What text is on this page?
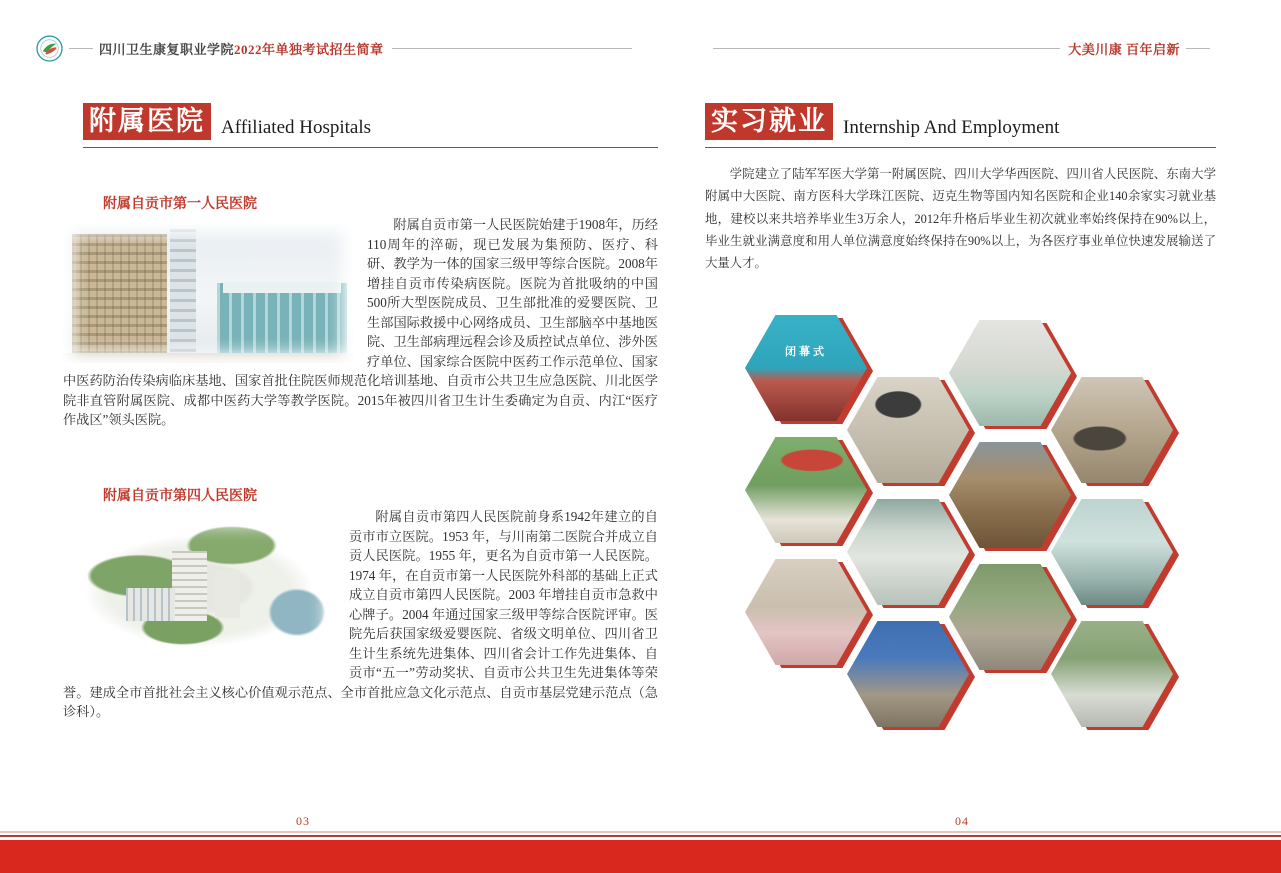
四川卫生康复职业学院 2022年单独考试招生简章	大美川康 百年启新
附属医院 Affiliated Hospitals	实习就业 Internship And Employment
附属自贡市第一人民医院
附属自贡市第一人民医院始建于1908年，历经110周年的淬砺，现已发展为集预防、医疗、科研、教学为一体的国家三级甲等综合医院。2008年增挂自贡市传染病医院。医院为首批吸纳的中国500所大型医院成员、卫生部批准的爱婴医院、卫生部国际救援中心网络成员、卫生部脑卒中基地医院、卫生部病理远程会诊及质控试点单位、涉外医疗单位、国家综合医院中医药工作示范单位、国家中医药防治传染病临床基地、国家首批住院医师规范化培训基地、自贡市公共卫生应急医院、川北医学院非直管附属医院、成都中医药大学等教学医院。2015年被四川省卫生计生委确定为自贡、内江“医疗作战区”领头医院。
附属自贡市第四人民医院
附属自贡市第四人民医院前身系1942年建立的自贡市市立医院。1953 年，与川南第二医院合并成立自贡人民医院。1955 年，更名为自贡市第一人民医院。1974 年，在自贡市第一人民医院外科部的基础上正式成立自贡市第四人民医院。2003 年增挂自贡市急救中心牌子。2004 年通过国家三级甲等综合医院评审。医院先后获国家级爱婴医院、省级文明单位、四川省卫生计生系统先进集体、四川省会计工作先进集体、自贡市“五一”劳动奖状、自贡市公共卫生先进集体等荣誉。建成全市首批社会主义核心价值观示范点、全市首批应急文化示范点、自贡市基层党建示范点（急诊科）。
学院建立了陆军军医大学第一附属医院、四川大学华西医院、四川省人民医院、东南大学附属中大医院、南方医科大学珠江医院、迈克生物等国内知名医院和企业140余家实习就业基地，建校以来共培养毕业生3万余人，2012年升格后毕业生初次就业率始终保持在90%以上，毕业生就业满意度和用人单位满意度始终保持在90%以上，为各医疗事业单位快速发展输送了大量人才。
闭幕式
03	04
